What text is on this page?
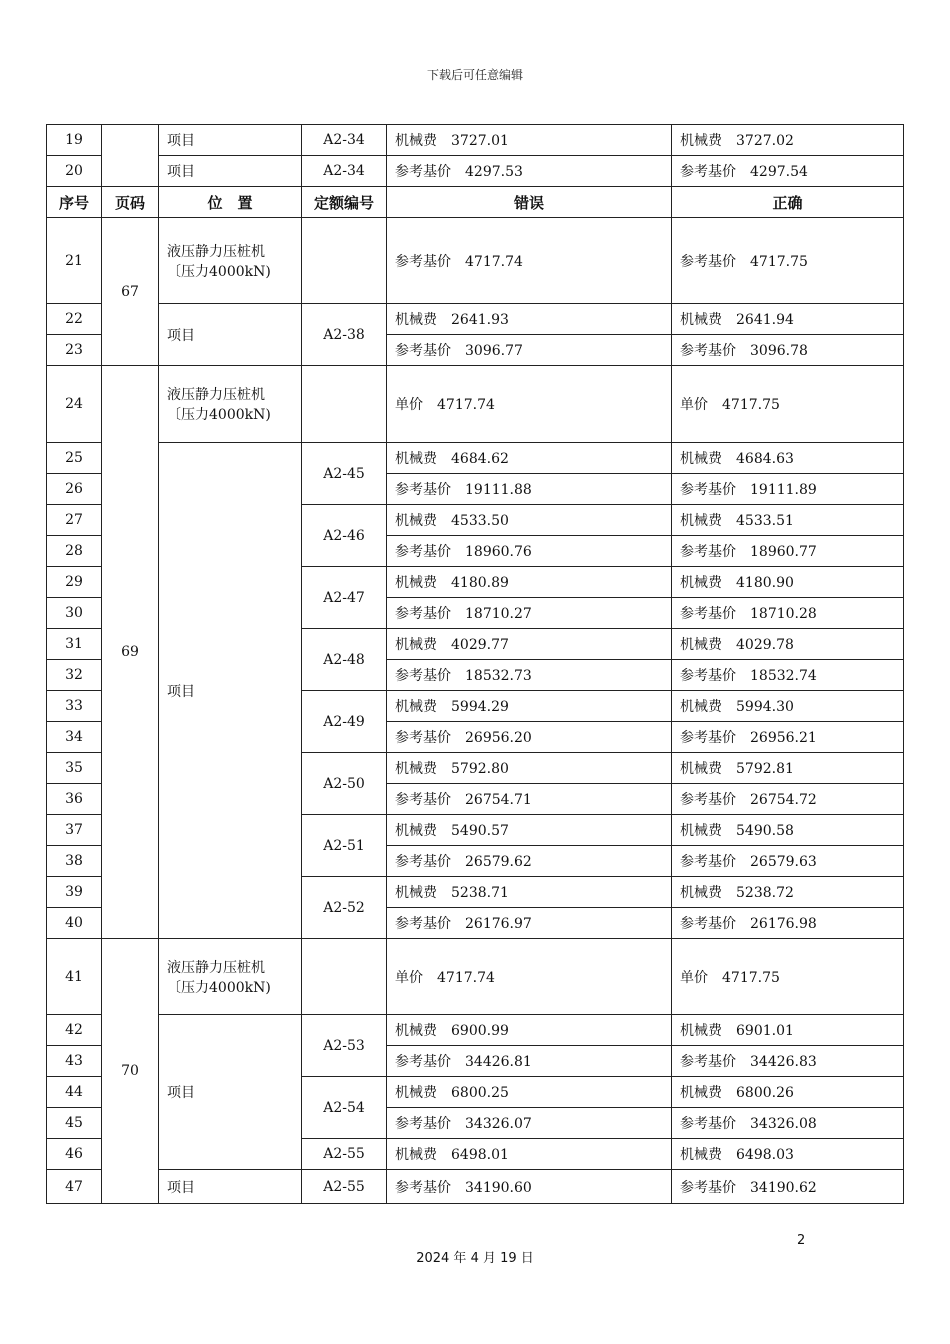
下载后可任意编辑
19		项目	A2-34	机械费　3727.01	机械费　3727.02
20		项目	A2-34	参考基价　4297.53	参考基价　4297.54
序号	页码	位　置	定额编号	错误	正确
21	67	液压静力压桩机
〔压力4000kN)		参考基价　4717.74	参考基价　4717.75
22		项目	A2-38	机械费　2641.93	机械费　2641.94
23				参考基价　3096.77	参考基价　3096.78
24	69	液压静力压桩机
〔压力4000kN)		单价　4717.74	单价　4717.75
25		项目	A2-45	机械费　4684.62	机械费　4684.63
26				参考基价　19111.88	参考基价　19111.89
27			A2-46	机械费　4533.50	机械费　4533.51
28				参考基价　18960.76	参考基价　18960.77
29			A2-47	机械费　4180.89	机械费　4180.90
30				参考基价　18710.27	参考基价　18710.28
31			A2-48	机械费　4029.77	机械费　4029.78
32				参考基价　18532.73	参考基价　18532.74
33			A2-49	机械费　5994.29	机械费　5994.30
34				参考基价　26956.20	参考基价　26956.21
35			A2-50	机械费　5792.80	机械费　5792.81
36				参考基价　26754.71	参考基价　26754.72
37			A2-51	机械费　5490.57	机械费　5490.58
38				参考基价　26579.62	参考基价　26579.63
39			A2-52	机械费　5238.71	机械费　5238.72
40				参考基价　26176.97	参考基价　26176.98
41	70	液压静力压桩机
〔压力4000kN)		单价　4717.74	单价　4717.75
42		项目	A2-53	机械费　6900.99	机械费　6901.01
43				参考基价　34426.81	参考基价　34426.83
44			A2-54	机械费　6800.25	机械费　6800.26
45				参考基价　34326.07	参考基价　34326.08
46			A2-55	机械费　6498.01	机械费　6498.03
47		项目	A2-55	参考基价　34190.60	参考基价　34190.62
2
2024 年 4 月 19 日
